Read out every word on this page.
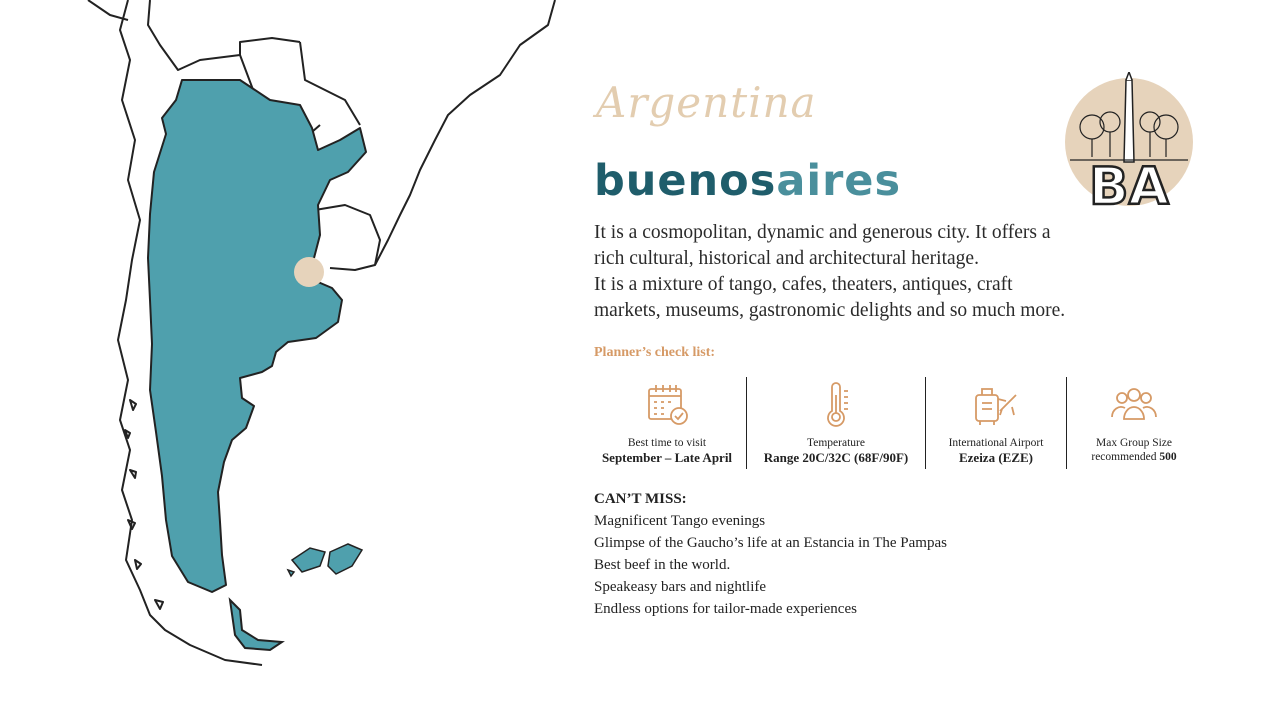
Argentina
buenosaires	BA
It is a cosmopolitan, dynamic and generous city. It offers a
rich cultural, historical and architectural heritage.
It is a mixture of tango, cafes, theaters, antiques, craft
markets, museums, gastronomic delights and so much more.
Planner’s check list:
Best time to visit
September – Late April
Temperature
Range 20C/32C (68F/90F)
International Airport
Ezeiza (EZE)
Max Group Size
recommended 500
CAN’T MISS:
Magnificent Tango evenings
Glimpse of the Gaucho’s life at an Estancia in The Pampas
Best beef in the world.
Speakeasy bars and nightlife
Endless options for tailor-made experiences
